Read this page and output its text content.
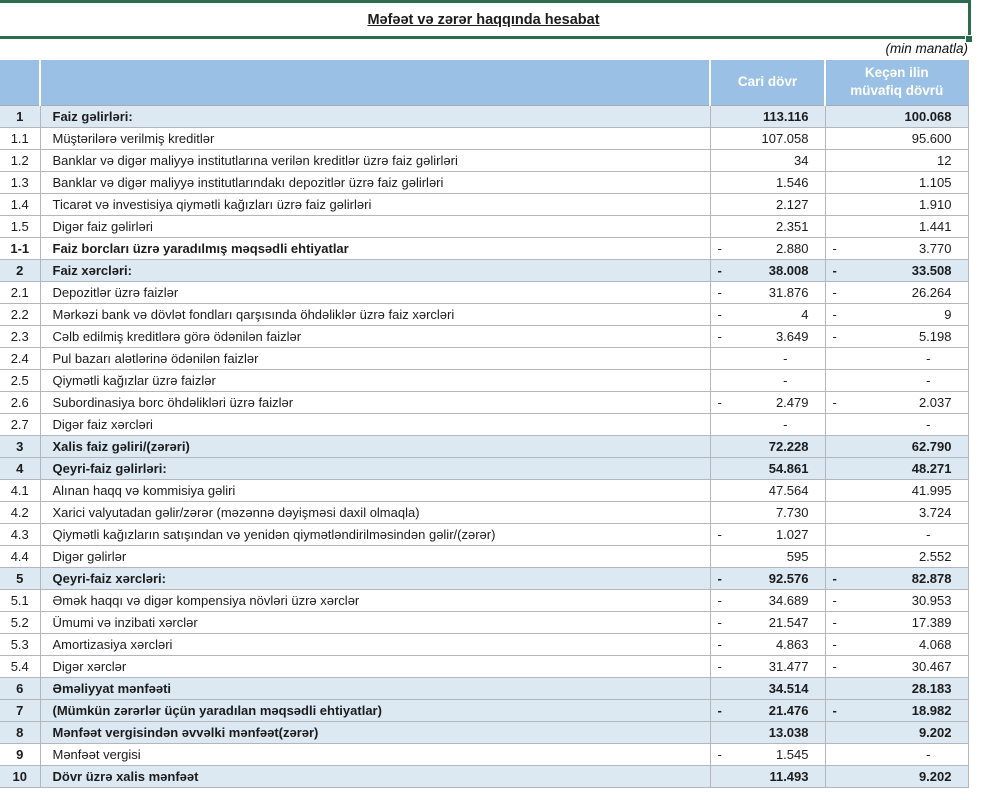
Məfəət və zərər haqqında hesabat
(min manatla)
		Cari dövr	Keçən ilin müvafiq dövrü
1	Faiz gəlirləri:	113.116	100.068

1.1	Müştərilərə verilmiş kreditlər	107.058	95.600

1.2	Banklar və digər maliyyə institutlarına verilən kreditlər üzrə faiz gəlirləri	34	12

1.3	Banklar və digər maliyyə institutlarındakı depozitlər üzrə faiz gəlirləri	1.546	1.105

1.4	Ticarət və investisiya qiymətli kağızları üzrə faiz gəlirləri	2.127	1.910

1.5	Digər faiz gəlirləri	2.351	1.441

1-1	Faiz borcları üzrə yaradılmış məqsədli ehtiyatlar	- 2.880	- 3.770

2	Faiz xərcləri:	- 38.008	- 33.508

2.1	Depozitlər üzrə faizlər	- 31.876	- 26.264

2.2	Mərkəzi bank və dövlət fondları qarşısında öhdəliklər üzrə faiz xərcləri	- 4	- 9

2.3	Cəlb edilmiş kreditlərə görə ödənilən faizlər	- 3.649	- 5.198

2.4	Pul bazarı alətlərinə ödənilən faizlər	-	-

2.5	Qiymətli kağızlar üzrə faizlər	-	-

2.6	Subordinasiya borc öhdəlikləri üzrə faizlər	- 2.479	- 2.037

2.7	Digər faiz xərcləri	-	-

3	Xalis faiz gəliri/(zərəri)	72.228	62.790

4	Qeyri-faiz gəlirləri:	54.861	48.271

4.1	Alınan haqq və kommisiya gəliri	47.564	41.995

4.2	Xarici valyutadan gəlir/zərər (məzənnə dəyişməsi daxil olmaqla)	7.730	3.724

4.3	Qiymətli kağızların satışından və yenidən qiymətləndirilməsindən gəlir/(zərər)	- 1.027	-

4.4	Digər gəlirlər	595	2.552

5	Qeyri-faiz xərcləri:	- 92.576	- 82.878

5.1	Əmək haqqı və digər kompensiya növləri üzrə xərclər	- 34.689	- 30.953

5.2	Ümumi və inzibati xərclər	- 21.547	- 17.389

5.3	Amortizasiya xərcləri	- 4.863	- 4.068

5.4	Digər xərclər	- 31.477	- 30.467

6	Əməliyyat mənfəəti	34.514	28.183

7	(Mümkün zərərlər üçün yaradılan məqsədli ehtiyatlar)	- 21.476	- 18.982

8	Mənfəət vergisindən əvvəlki mənfəət(zərər)	13.038	9.202

9	Mənfəət vergisi	- 1.545	-

10	Dövr üzrə xalis mənfəət	11.493	9.202
